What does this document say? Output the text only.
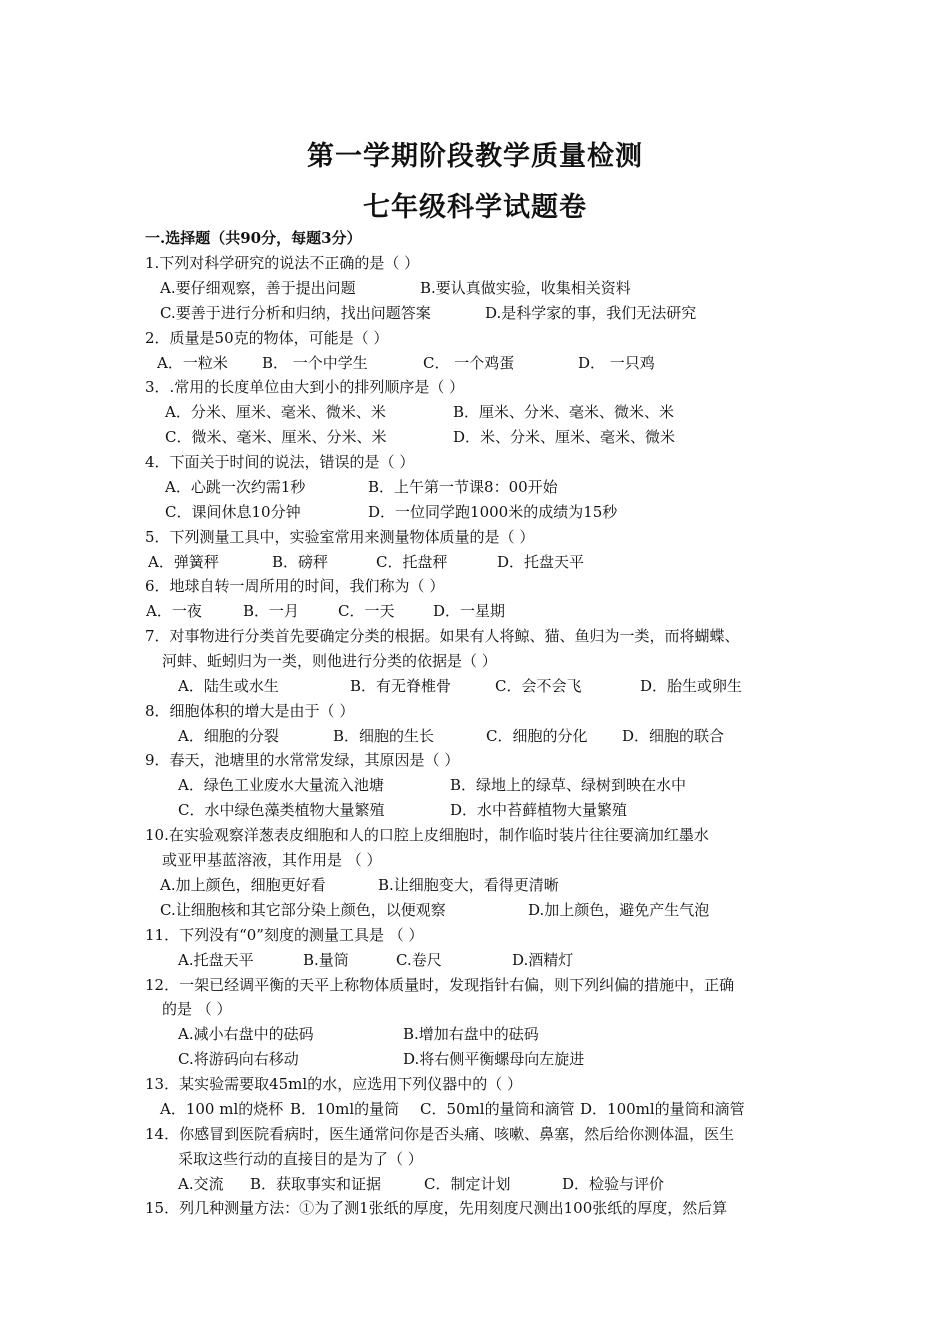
第一学期阶段教学质量检测
七年级科学试题卷
一.选择题（共90分，每题3分）
1.下列对科学研究的说法不正确的是（ ）
A.要仔细观察，善于提出问题	B.要认真做实验，收集相关资料
C.要善于进行分析和归纳，找出问题答案	D.是科学家的事，我们无法研究
2．质量是50克的物体，可能是（ ）
A．一粒米 B． 一个中学生	C． 一个鸡蛋	D． 一只鸡
3．.常用的长度单位由大到小的排列顺序是（ ）
A．分米、厘米、毫米、微米、米	B．厘米、分米、毫米、微米、米
C．微米、毫米、厘米、分米、米	D．米、分米、厘米、毫米、微米
4．下面关于时间的说法，错误的是（ ）
A．心跳一次约需1秒	B．上午第一节课8：00开始
C．课间休息10分钟	D．一位同学跑1000米的成绩为15秒
5．下列测量工具中，实验室常用来测量物体质量的是（ ）
A．弹簧秤	B．磅秤	C．托盘秤	D．托盘天平
6．地球自转一周所用的时间，我们称为（ ）
A．一夜	B．一月	C．一天	D．一星期
7．对事物进行分类首先要确定分类的根据。如果有人将鲸、猫、鱼归为一类，而将蝴蝶、
河蚌、蚯蚓归为一类，则他进行分类的依据是（ ）
A．陆生或水生	B．有无脊椎骨	C．会不会飞	D．胎生或卵生
8．细胞体积的增大是由于（ ）
A．细胞的分裂	B．细胞的生长	C．细胞的分化 D．细胞的联合
9．春天，池塘里的水常常发绿，其原因是（ ）
A．绿色工业废水大量流入池塘	B．绿地上的绿草、绿树到映在水中
C．水中绿色藻类植物大量繁殖	D．水中苔藓植物大量繁殖
10.在实验观察洋葱表皮细胞和人的口腔上皮细胞时，制作临时装片往往要滴加红墨水
或亚甲基蓝溶液，其作用是 （ ）
A.加上颜色，细胞更好看	B.让细胞变大，看得更清晰
C.让细胞核和其它部分染上颜色，以便观察	D.加上颜色，避免产生气泡
11．下列没有“0”刻度的测量工具是 （ ）
A.托盘天平	B.量筒	C.卷尺	D.酒精灯
12．一架已经调平衡的天平上称物体质量时，发现指针右偏，则下列纠偏的措施中，正确
的是 （ ）
A.减小右盘中的砝码	B.增加右盘中的砝码
C.将游码向右移动	D.将右侧平衡螺母向左旋进
13．某实验需要取45ml的水，应选用下列仪器中的（ ）
A．100 ml的烧杯 B．10ml的量筒 C．50ml的量筒和滴管 D．100ml的量筒和滴管
14．你感冒到医院看病时，医生通常问你是否头痛、咳嗽、鼻塞，然后给你测体温，医生
采取这些行动的直接目的是为了（ ）
A.交流 B．获取事实和证据	C．制定计划	D．检验与评价
15．列几种测量方法：①为了测1张纸的厚度，先用刻度尺测出100张纸的厚度，然后算
